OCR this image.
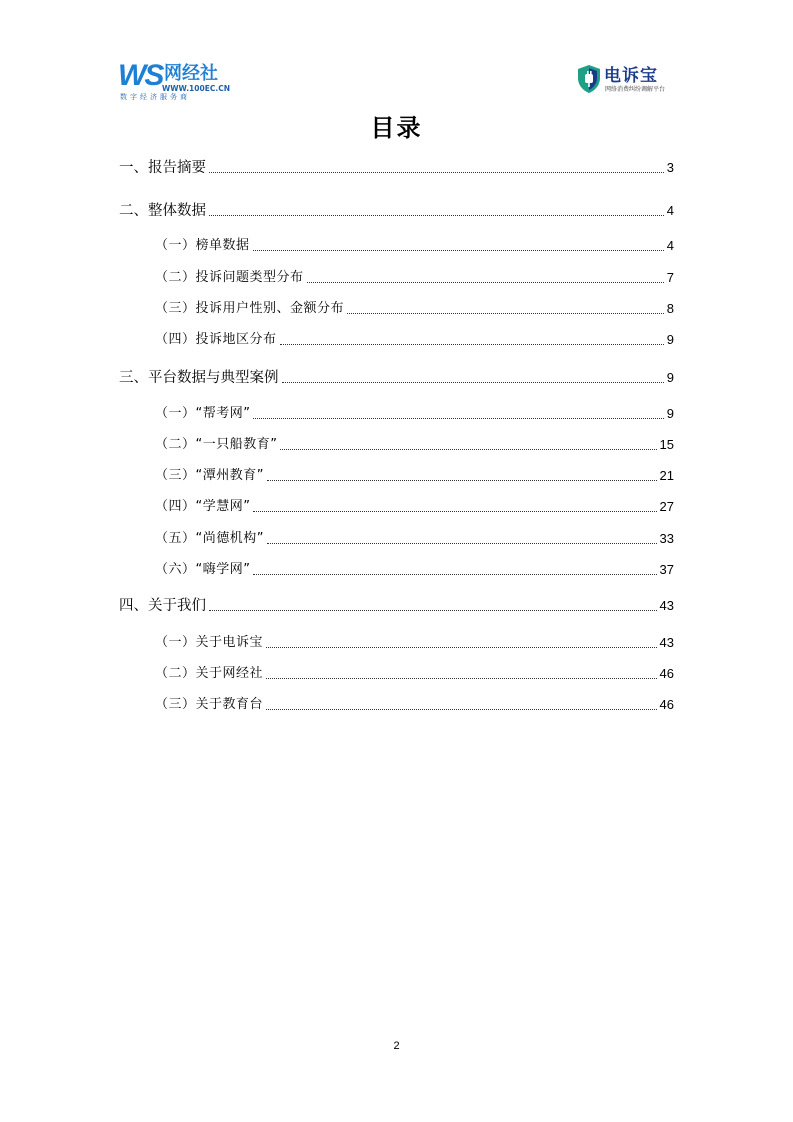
WS 网经社
WWW.100EC.CN
数字经济服务商
电诉宝
网络消费纠纷调解平台
目录
一、报告摘要	3
二、整体数据	4
（一）榜单数据	4
（二）投诉问题类型分布	7
（三）投诉用户性别、金额分布	8
（四）投诉地区分布	9
三、平台数据与典型案例	9
（一）“帮考网”	9
（二）“一只船教育”	15
（三）“潭州教育”	21
（四）“学慧网”	27
（五）“尚德机构”	33
（六）“嗨学网”	37
四、关于我们	43
（一）关于电诉宝	43
（二）关于网经社	46
（三）关于教育台	46
2
